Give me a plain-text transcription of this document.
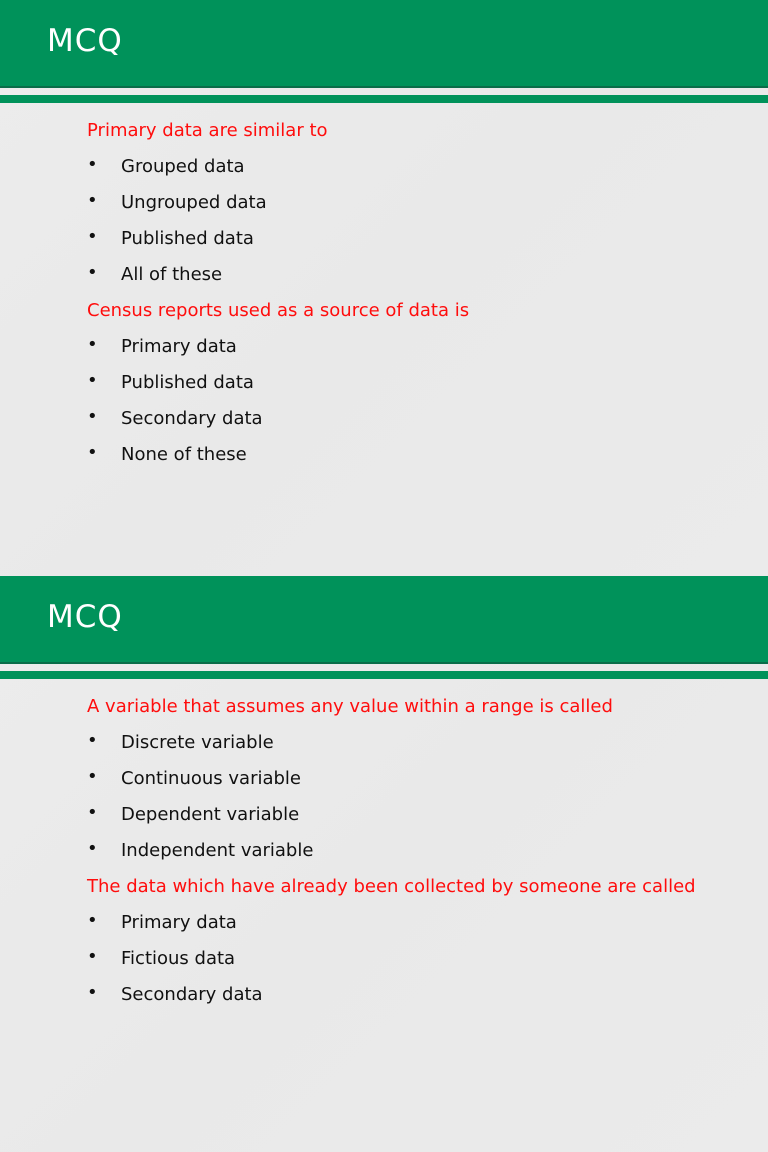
MCQ
Primary data are similar to
• Grouped data
• Ungrouped data
• Published data
• All of these
Census reports used as a source of data is
• Primary data
• Published data
• Secondary data
• None of these
MCQ
A variable that assumes any value within a range is called
• Discrete variable
• Continuous variable
• Dependent variable
• Independent variable
The data which have already been collected by someone are called
• Primary data
• Fictious data
• Secondary data
